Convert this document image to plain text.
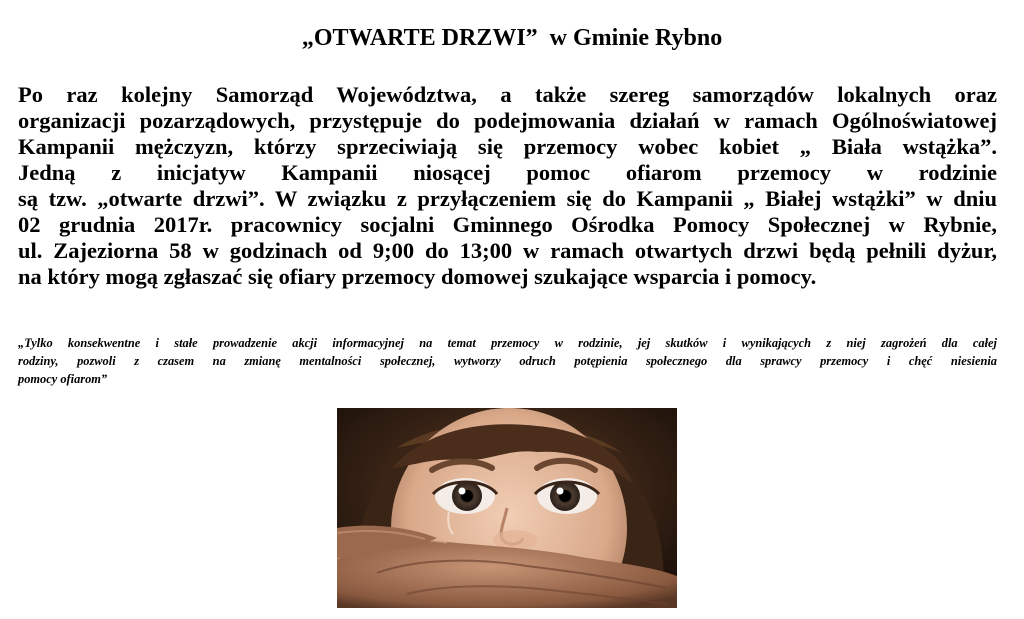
„OTWARTE DRZWI”  w Gminie Rybno
Po raz kolejny Samorząd Województwa, a także szereg samorządów lokalnych oraz
organizacji pozarządowych, przystępuje do podejmowania działań w ramach Ogólnoświatowej
Kampanii mężczyzn, którzy sprzeciwiają się przemocy wobec kobiet „ Biała wstążka”.
Jedną z inicjatyw Kampanii niosącej pomoc ofiarom przemocy w rodzinie
są tzw. „otwarte drzwi”. W związku z przyłączeniem się do Kampanii „ Białej wstążki” w dniu
02 grudnia 2017r. pracownicy socjalni Gminnego Ośrodka Pomocy Społecznej w Rybnie,
ul. Zajeziorna 58 w godzinach od 9;00 do 13;00 w ramach otwartych drzwi będą pełnili dyżur,
na który mogą zgłaszać się ofiary przemocy domowej szukające wsparcia i pomocy.
„Tylko konsekwentne i stałe prowadzenie akcji informacyjnej na temat przemocy w rodzinie, jej skutków i wynikających z niej zagrożeń dla całej
rodziny, pozwoli z czasem na zmianę mentalności społecznej, wytworzy odruch potępienia społecznego dla sprawcy przemocy i chęć niesienia
pomocy ofiarom”
